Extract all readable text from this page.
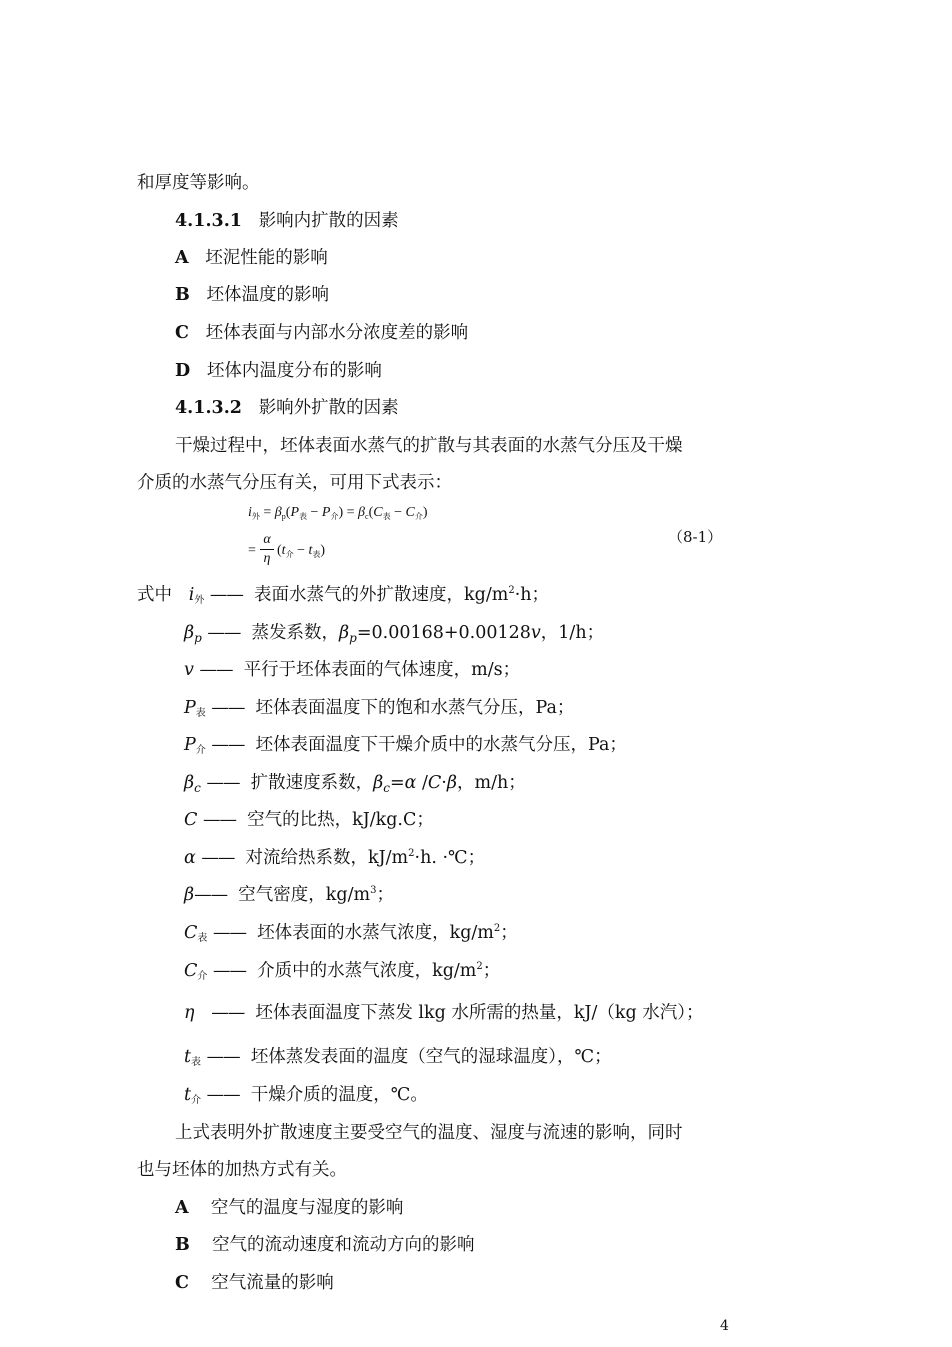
和厚度等影响。
4.1.3.1 影响内扩散的因素
A 坯泥性能的影响
B 坯体温度的影响
C 坯体表面与内部水分浓度差的影响
D 坯体内温度分布的影响
4.1.3.2 影响外扩散的因素
干燥过程中，坯体表面水蒸气的扩散与其表面的水蒸气分压及干燥
介质的水蒸气分压有关，可用下式表示：
$i_外 = \beta_p(P_表 - P_介) = \beta_c(C_表 - C_介)$
=
α
η
$(t_介 - t_表)$
（8-1）
式中 $i_外$ —— 表面水蒸气的外扩散速度，$kg/m^2\cdot h$；
$\beta_p$ —— 蒸发系数，$\beta_p=0.00168+0.00128v$，1/h；
v —— 平行于坯体表面的气体速度，m/s；
$P_表$ —— 坯体表面温度下的饱和水蒸气分压，Pa；
$P_介$ —— 坯体表面温度下干燥介质中的水蒸气分压，Pa；
$\beta_c$ —— 扩散速度系数，$\beta_c=\alpha$ /C·β，m/h；
C —— 空气的比热，kJ/kg.C；
α —— 对流给热系数，$kJ/m^2\cdot h$. ·℃；
β—— 空气密度，$kg/m^3$；
$C_表$ —— 坯体表面的水蒸气浓度，$kg/m^2$；
$C_介$ —— 介质中的水蒸气浓度，$kg/m^2$；
η —— 坯体表面温度下蒸发 lkg 水所需的热量，kJ/（kg 水汽）；
$t_表$ —— 坯体蒸发表面的温度（空气的湿球温度），℃；
$t_介$ —— 干燥介质的温度，℃。
上式表明外扩散速度主要受空气的温度、湿度与流速的影响，同时
也与坯体的加热方式有关。
A 空气的温度与湿度的影响
B 空气的流动速度和流动方向的影响
C 空气流量的影响
4
